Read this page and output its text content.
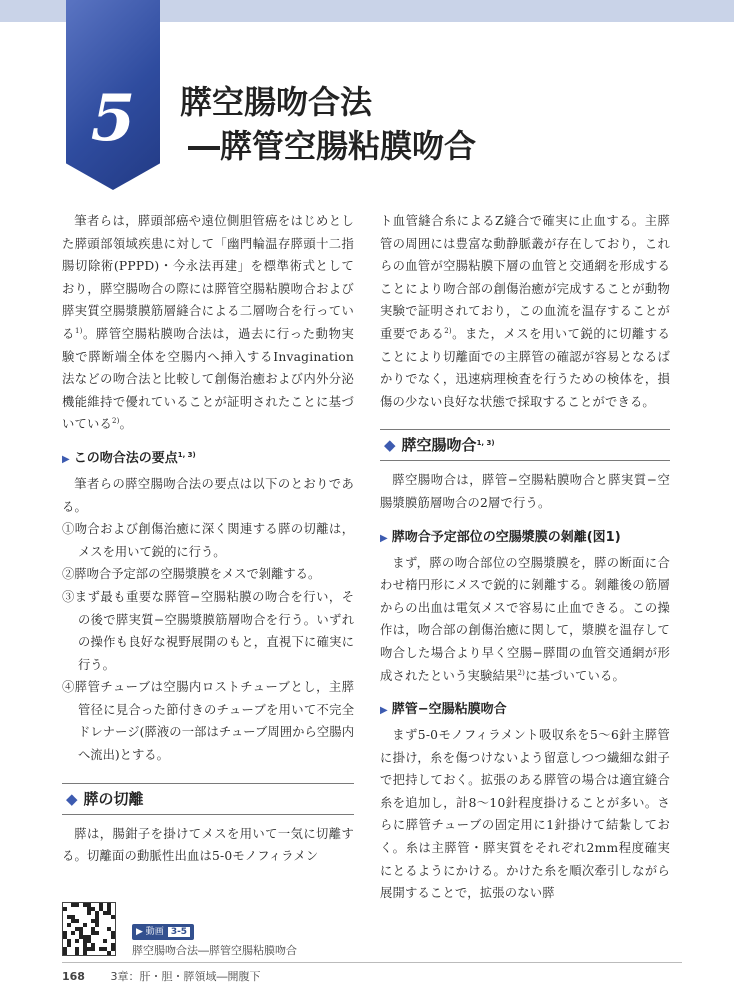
5	膵空腸吻合法
―膵管空腸粘膜吻合

筆者らは，膵頭部癌や遠位側胆管癌をはじめとした膵頭部領域疾患に対して「幽門輪温存膵頭十二指腸切除術(PPPD)・今永法再建」を標準術式としており，膵空腸吻合の際には膵管空腸粘膜吻合および膵実質空腸漿膜筋層縫合による二層吻合を行っている$^{1)}$。膵管空腸粘膜吻合法は，過去に行った動物実験で膵断端全体を空腸内へ挿入するInvagination法などの吻合法と比較して創傷治癒および内外分泌機能維持で優れていることが証明されたことに基づいている$^{2)}$。

▶ この吻合法の要点$^{1, 3)}$

筆者らの膵空腸吻合法の要点は以下のとおりである。

①吻合および創傷治癒に深く関連する膵の切離は，メスを用いて鋭的に行う。
②膵吻合予定部の空腸漿膜をメスで剝離する。
③まず最も重要な膵管−空腸粘膜の吻合を行い，その後で膵実質−空腸漿膜筋層吻合を行う。いずれの操作も良好な視野展開のもと，直視下に確実に行う。
④膵管チューブは空腸内ロストチューブとし，主膵管径に見合った節付きのチューブを用いて不完全ドレナージ(膵液の一部はチューブ周囲から空腸内へ流出)とする。
◆ 膵の切離

膵は，腸鉗子を掛けてメスを用いて一気に切離する。切離面の動脈性出血は5-0モノフィラメン

ト血管縫合糸によるZ縫合で確実に止血する。主膵管の周囲には豊富な動静脈叢が存在しており，これらの血管が空腸粘膜下層の血管と交通網を形成することにより吻合部の創傷治癒が完成することが動物実験で証明されており，この血流を温存することが重要である$^{2)}$。また，メスを用いて鋭的に切離することにより切離面での主膵管の確認が容易となるばかりでなく，迅速病理検査を行うための検体を，損傷の少ない良好な状態で採取することができる。

◆ 膵空腸吻合$^{1, 3)}$

膵空腸吻合は，膵管−空腸粘膜吻合と膵実質−空腸漿膜筋層吻合の2層で行う。

▶ 膵吻合予定部位の空腸漿膜の剝離(図1)

まず，膵の吻合部位の空腸漿膜を，膵の断面に合わせ楕円形にメスで鋭的に剝離する。剝離後の筋層からの出血は電気メスで容易に止血できる。この操作は，吻合部の創傷治癒に関して，漿膜を温存して吻合した場合より早く空腸−膵間の血管交通網が形成されたという実験結果$^{2)}$に基づいている。

▶ 膵管−空腸粘膜吻合

まず5-0モノフィラメント吸収糸を5〜6針主膵管に掛け，糸を傷つけないよう留意しつつ繊細な鉗子で把持しておく。拡張のある膵管の場合は適宜縫合糸を追加し，計8〜10針程度掛けることが多い。さらに膵管チューブの固定用に1針掛けて結紮しておく。糸は主膵管・膵実質をそれぞれ2mm程度確実にとるようにかける。かけた糸を順次牽引しながら展開することで，拡張のない膵

▶ 動画 3-5
膵空腸吻合法―膵管空腸粘膜吻合
168 3章：肝・胆・膵領域―開腹下
